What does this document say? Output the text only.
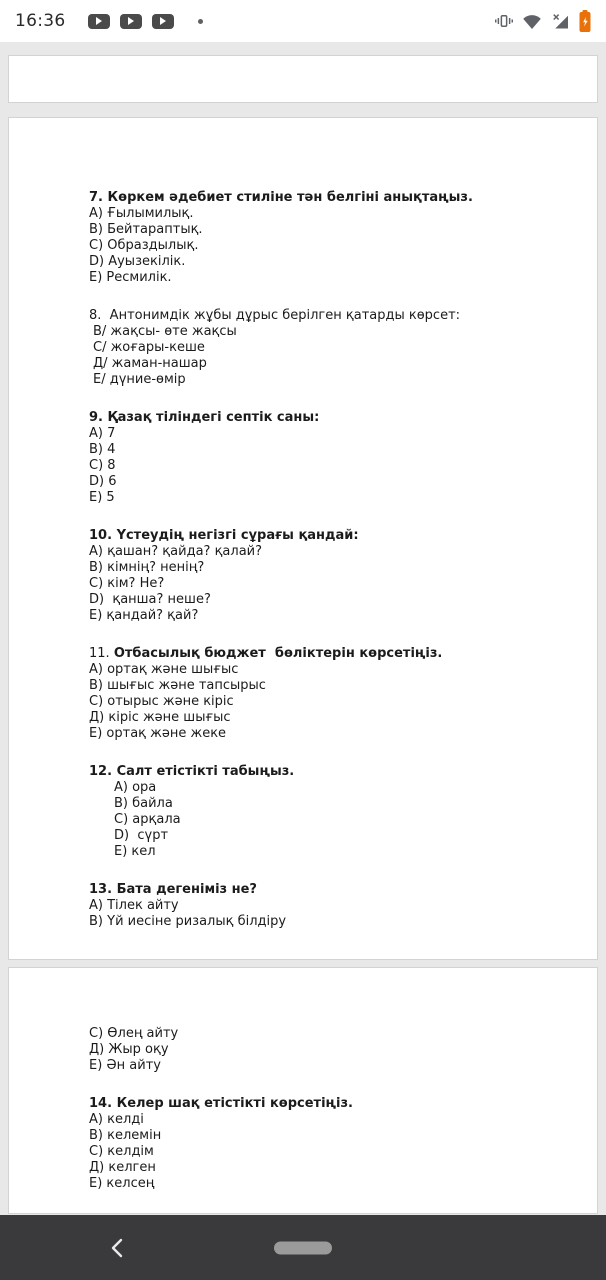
16:36
7. Көркем әдебиет стиліне тән белгіні анықтаңыз.
А) Ғылымилық.
В) Бейтараптық.
С) Образдылық.
D) Ауызекілік.
Е) Ресмилік.
8.  Антонимдік жұбы дұрыс берілген қатарды көрсет:
В/ жақсы- өте жақсы
С/ жоғары-кеше
Д/ жаман-нашар
Е/ дүние-өмір
9. Қазақ тіліндегі септік саны:
А) 7
В) 4
С) 8
D) 6
Е) 5
10. Үстеудің негізгі сұрағы қандай:
А) қашан? қайда? қалай?
В) кімнің? ненің?
С) кім? Не?
D)  қанша? неше?
Е) қандай? қай?
11. Отбасылық бюджет  бөліктерін көрсетіңіз.
А) ортақ және шығыс
В) шығыс және тапсырыс
С) отырыс және кіріс
Д) кіріс және шығыс
Е) ортақ және жеке
12. Салт етістікті табыңыз.
А) ора
В) байла
С) арқала
D)  сүрт
Е) кел
13. Бата дегеніміз не?
А) Тілек айту
В) Үй иесіне ризалық білдіру
С) Өлең айту
Д) Жыр оқу
Е) Ән айту
14. Келер шақ етістікті көрсетіңіз.
А) келді
В) келемін
С) келдім
Д) келген
Е) келсең
